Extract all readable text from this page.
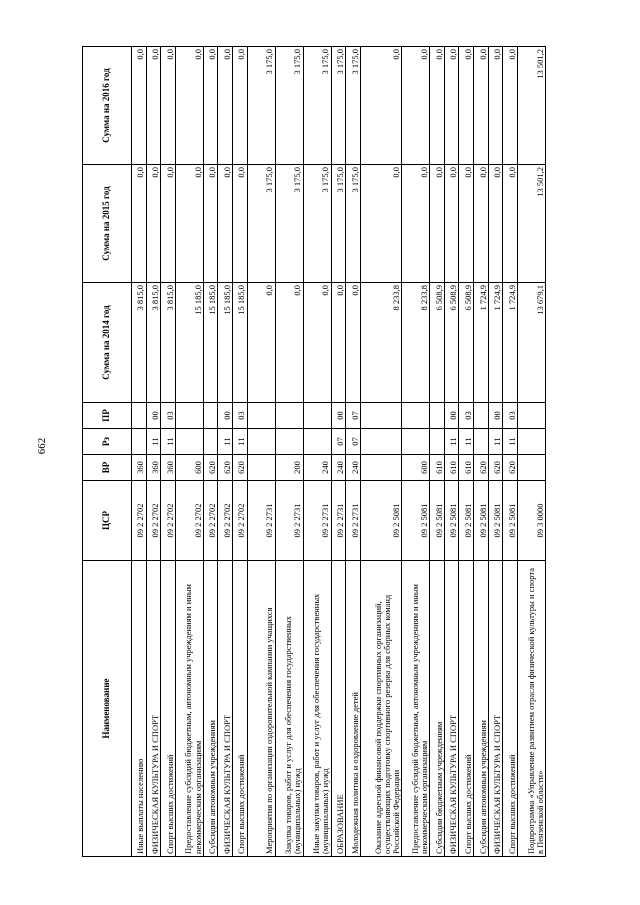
662
Наименование	ЦСР	ВР	Рз	ПР	Сумма на 2014 год	Сумма на 2015 год	Сумма на 2016 год
Иные выплаты населению	09 2 2702	360			3 815,0	0,0	0,0
ФИЗИЧЕСКАЯ КУЛЬТУРА И СПОРТ	09 2 2702	360	11	00	3 815,0	0,0	0,0
Спорт высших достижений	09 2 2702	360	11	03	3 815,0	0,0	0,0
Предоставление субсидий бюджетным, автономным учреждениям и иным некоммерческим организациям	09 2 2702	600			15 185,0	0,0	0,0
Субсидии автономным учреждениям	09 2 2702	620			15 185,0	0,0	0,0
ФИЗИЧЕСКАЯ КУЛЬТУРА И СПОРТ	09 2 2702	620	11	00	15 185,0	0,0	0,0
Спорт высших достижений	09 2 2702	620	11	03	15 185,0	0,0	0,0
Мероприятия по организации оздоровительной кампании учащихся	09 2 2731				0,0	3 175,0	3 175,0
Закупка товаров, работ и услуг для обеспечения государственных (муниципальных) нужд	09 2 2731	200			0,0	3 175,0	3 175,0
Иные закупки товаров, работ и услуг для обеспечения государственных (муниципальных) нужд	09 2 2731	240			0,0	3 175,0	3 175,0
ОБРАЗОВАНИЕ	09 2 2731	240	07	00	0,0	3 175,0	3 175,0
Молодежная политика и оздоровление детей	09 2 2731	240	07	07	0,0	3 175,0	3 175,0
Оказание адресной финансовой поддержки спортивных организаций, осуществляющих подготовку спортивного резерва для сборных команд Российской Федерации	09 2 5081				8 233,8	0,0	0,0
Предоставление субсидий бюджетным, автономным учреждениям и иным некоммерческим организациям	09 2 5081	600			8 233,8	0,0	0,0
Субсидии бюджетным учреждениям	09 2 5081	610			6 508,9	0,0	0,0
ФИЗИЧЕСКАЯ КУЛЬТУРА И СПОРТ	09 2 5081	610	11	00	6 508,9	0,0	0,0
Спорт высших достижений	09 2 5081	610	11	03	6 508,9	0,0	0,0
Субсидии автономным учреждениям	09 2 5081	620			1 724,9	0,0	0,0
ФИЗИЧЕСКАЯ КУЛЬТУРА И СПОРТ	09 2 5081	620	11	00	1 724,9	0,0	0,0
Спорт высших достижений	09 2 5081	620	11	03	1 724,9	0,0	0,0
Подпрограмма «Управление развитием отрасли физической культуры и спорта в Пензенской области»	09 3 0000				13 679,1	13 501,2	13 501,2
